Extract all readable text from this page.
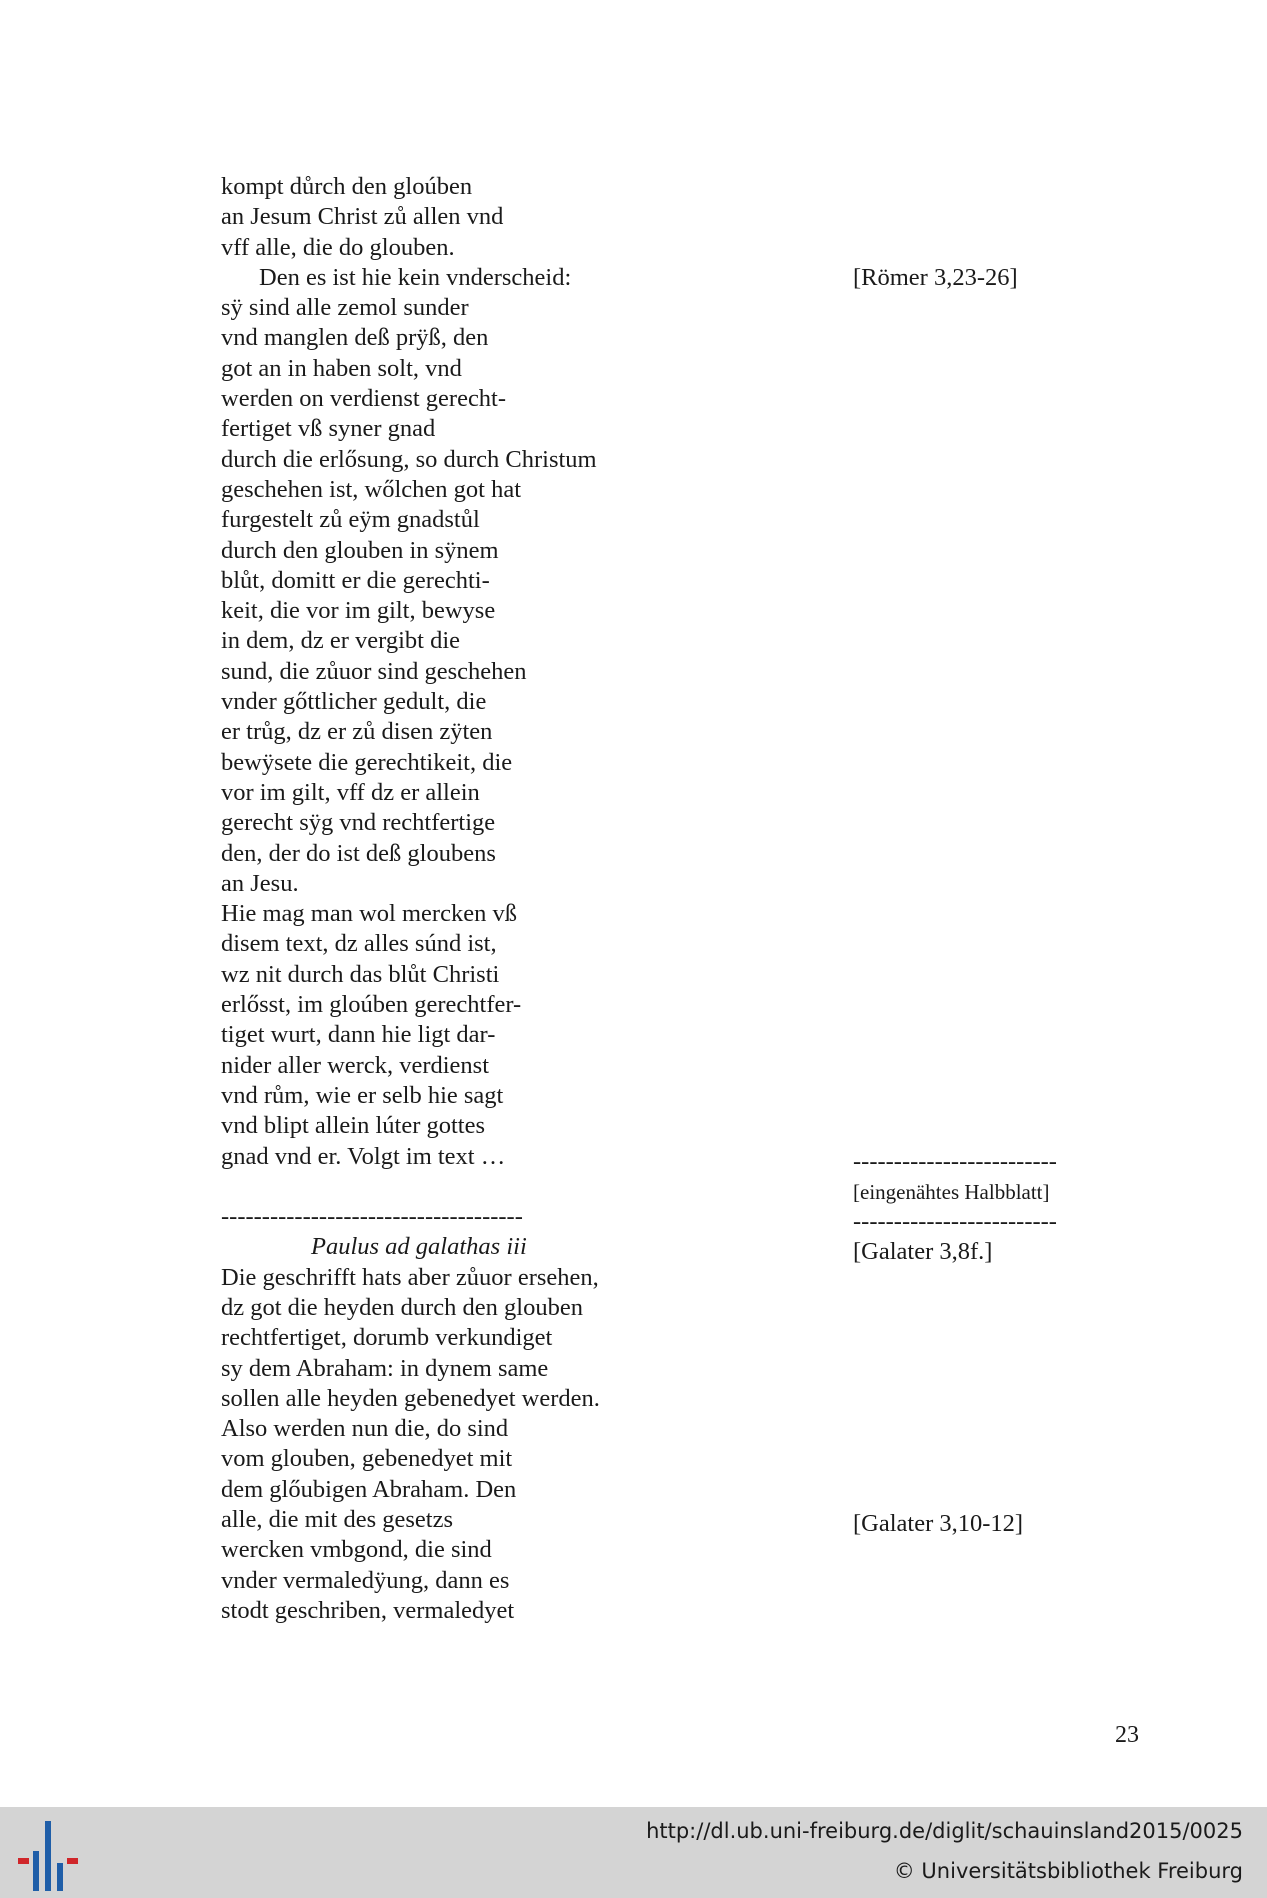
kompt důrch den gloúben
an Jesum Christ zů allen vnd
vff alle, die do glouben.
Den es ist hie kein vnderscheid:
sÿ sind alle zemol sunder
vnd manglen deß prÿß, den
got an in haben solt, vnd
werden on verdienst gerecht-
fertiget vß syner gnad
durch die erlősung, so durch Christum
geschehen ist, wőlchen got hat
furgestelt zů eÿm gnadstůl
durch den glouben in sÿnem
blůt, domitt er die gerechti-
keit, die vor im gilt, bewyse
in dem, dz er vergibt die
sund, die zůuor sind geschehen
vnder gőttlicher gedult, die
er trůg, dz er zů disen zÿten
bewÿsete die gerechtikeit, die
vor im gilt, vff dz er allein
gerecht sÿg vnd rechtfertige
den, der do ist deß gloubens
an Jesu.
Hie mag man wol mercken vß
disem text, dz alles súnd ist,
wz nit durch das blůt Christi
erlősst, im gloúben gerechtfer-
tiget wurt, dann hie ligt dar-
nider aller werck, verdienst
vnd rům, wie er selb hie sagt
vnd blipt allein lúter gottes
gnad vnd er. Volgt im text …
-------------------------------------
Paulus ad galathas iii
Die geschrifft hats aber zůuor ersehen,
dz got die heyden durch den glouben
rechtfertiget, dorumb verkundiget
sy dem Abraham: in dynem same
sollen alle heyden gebenedyet werden.
Also werden nun die, do sind
vom glouben, gebenedyet mit
dem glőubigen Abraham. Den
alle, die mit des gesetzs
wercken vmbgond, die sind
vnder vermaledÿung, dann es
stodt geschriben, vermaledyet
[Römer 3,23-26]
-------------------------
[eingenähtes Halbblatt]
-------------------------
[Galater 3,8f.]
[Galater 3,10-12]
23
http://dl.ub.uni-freiburg.de/diglit/schauinsland2015/0025
© Universitätsbibliothek Freiburg
